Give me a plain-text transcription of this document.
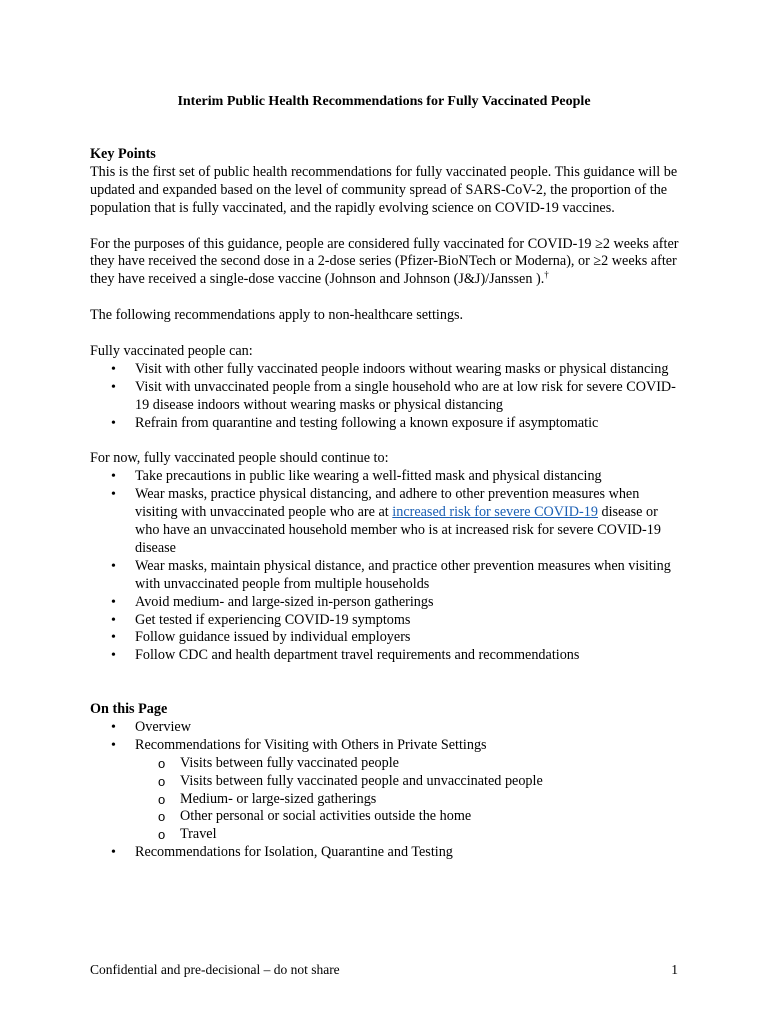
Interim Public Health Recommendations for Fully Vaccinated People

Key Points

This is the first set of public health recommendations for fully vaccinated people. This guidance will be updated and expanded based on the level of community spread of SARS-CoV-2, the proportion of the population that is fully vaccinated, and the rapidly evolving science on COVID-19 vaccines.

For the purposes of this guidance, people are considered fully vaccinated for COVID-19 ≥2 weeks after they have received the second dose in a 2-dose series (Pfizer-BioNTech or Moderna), or ≥2 weeks after they have received a single-dose vaccine (Johnson and Johnson (J&J)/Janssen ).†

The following recommendations apply to non-healthcare settings.

Fully vaccinated people can:

• Visit with other fully vaccinated people indoors without wearing masks or physical distancing
• Visit with unvaccinated people from a single household who are at low risk for severe COVID-19 disease indoors without wearing masks or physical distancing
• Refrain from quarantine and testing following a known exposure if asymptomatic

For now, fully vaccinated people should continue to:

• Take precautions in public like wearing a well-fitted mask and physical distancing
• Wear masks, practice physical distancing, and adhere to other prevention measures when visiting with unvaccinated people who are at increased risk for severe COVID-19 disease or who have an unvaccinated household member who is at increased risk for severe COVID-19 disease
• Wear masks, maintain physical distance, and practice other prevention measures when visiting with unvaccinated people from multiple households
• Avoid medium- and large-sized in-person gatherings
• Get tested if experiencing COVID-19 symptoms
• Follow guidance issued by individual employers
• Follow CDC and health department travel requirements and recommendations

On this Page

• Overview
• Recommendations for Visiting with Others in Private Settings
o Visits between fully vaccinated people
o Visits between fully vaccinated people and unvaccinated people
o Medium- or large-sized gatherings
o Other personal or social activities outside the home
o Travel
• Recommendations for Isolation, Quarantine and Testing
Confidential and pre-decisional – do not share	1
